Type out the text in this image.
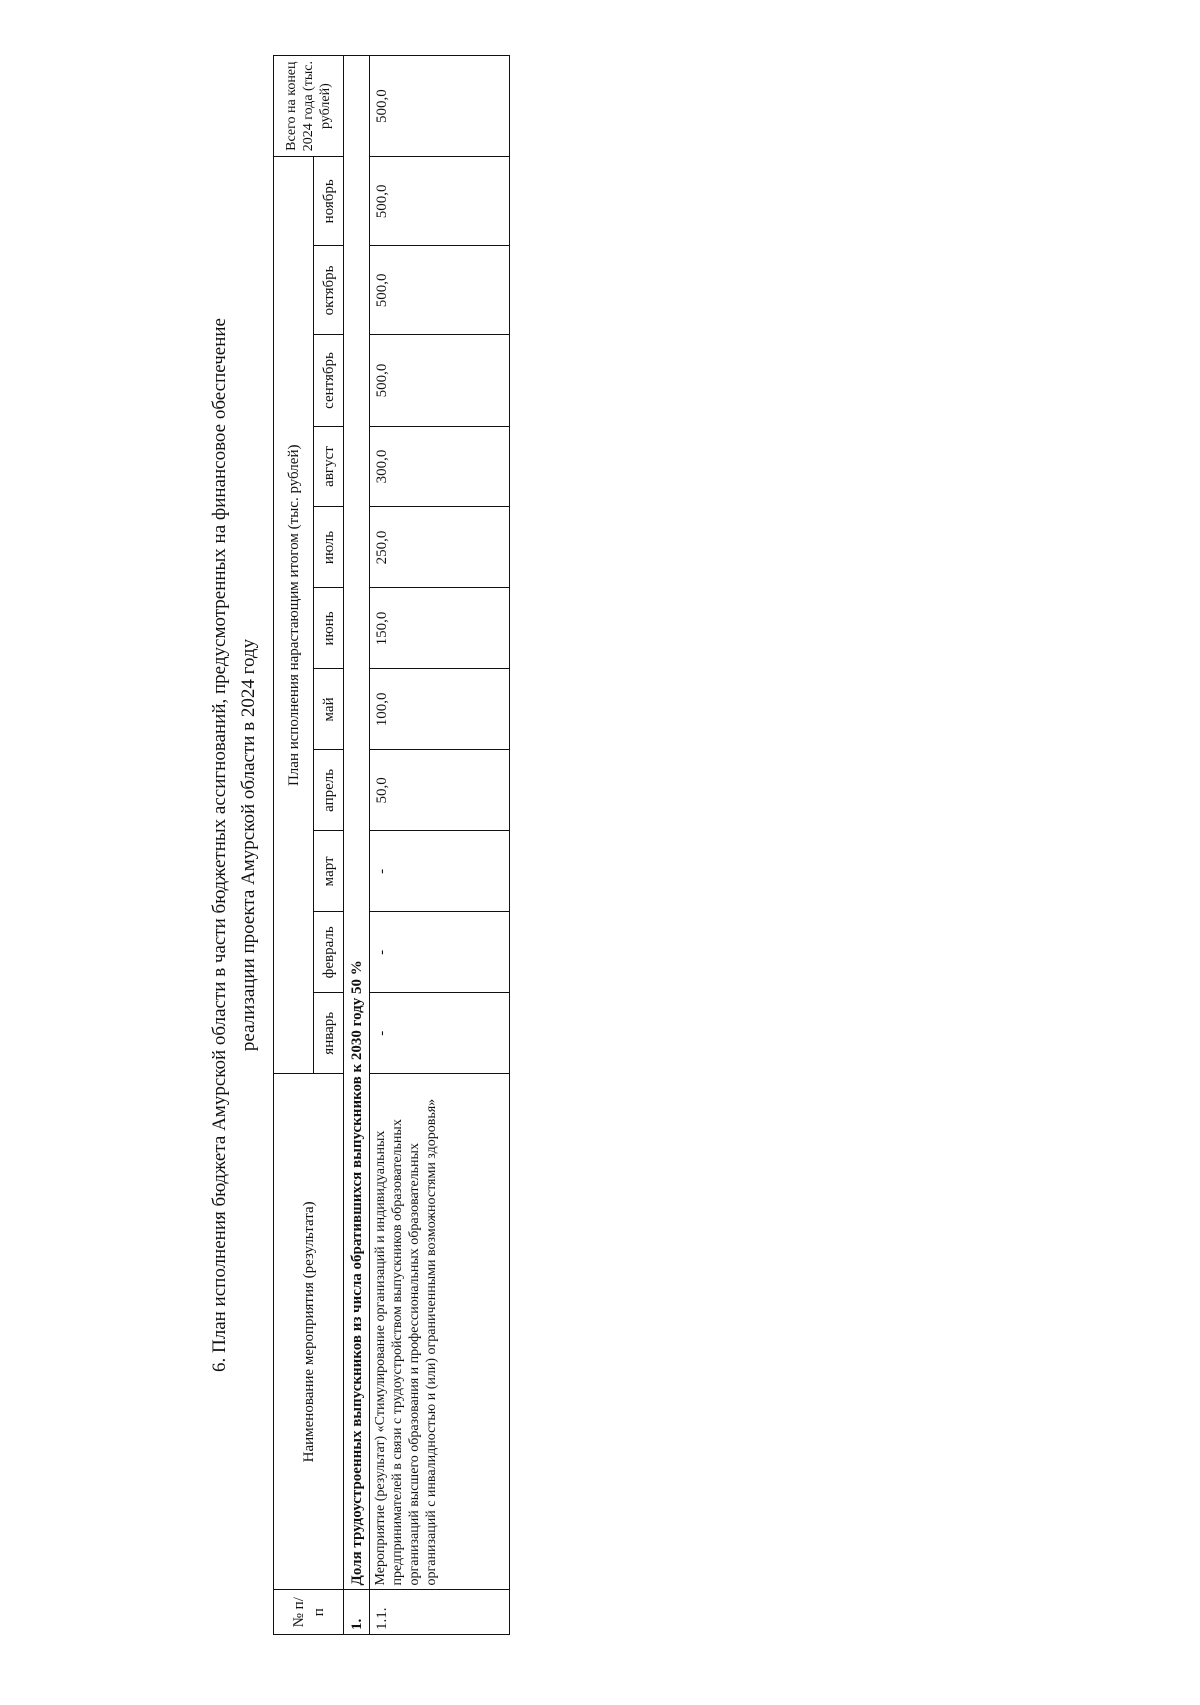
6. План исполнения бюджета Амурской области в части бюджетных ассигнований, предусмотренных на финансовое обеспечение реализации проекта Амурской области в 2024 году
№ п/п	Наименование мероприятия (результата)	План исполнения нарастающим итогом (тыс. рублей)											Всего на конец 2024 года (тыс. рублей)
		январь	февраль	март	апрель	май	июнь	июль	август	сентябрь	октябрь	ноябрь	
1.	Доля трудоустроенных выпускников из числа обратившихся выпускников к 2030 году 50 %												
1.1.	Мероприятие (результат) «Стимулирование организаций и индивидуальных предпринимателей в связи с трудоустройством выпускников образовательных организаций высшего образования и профессиональных образовательных организаций с инвалидностью и (или) ограниченными возможностями здоровья»	-	-	-	50,0	100,0	150,0	250,0	300,0	500,0	500,0	500,0	500,0
